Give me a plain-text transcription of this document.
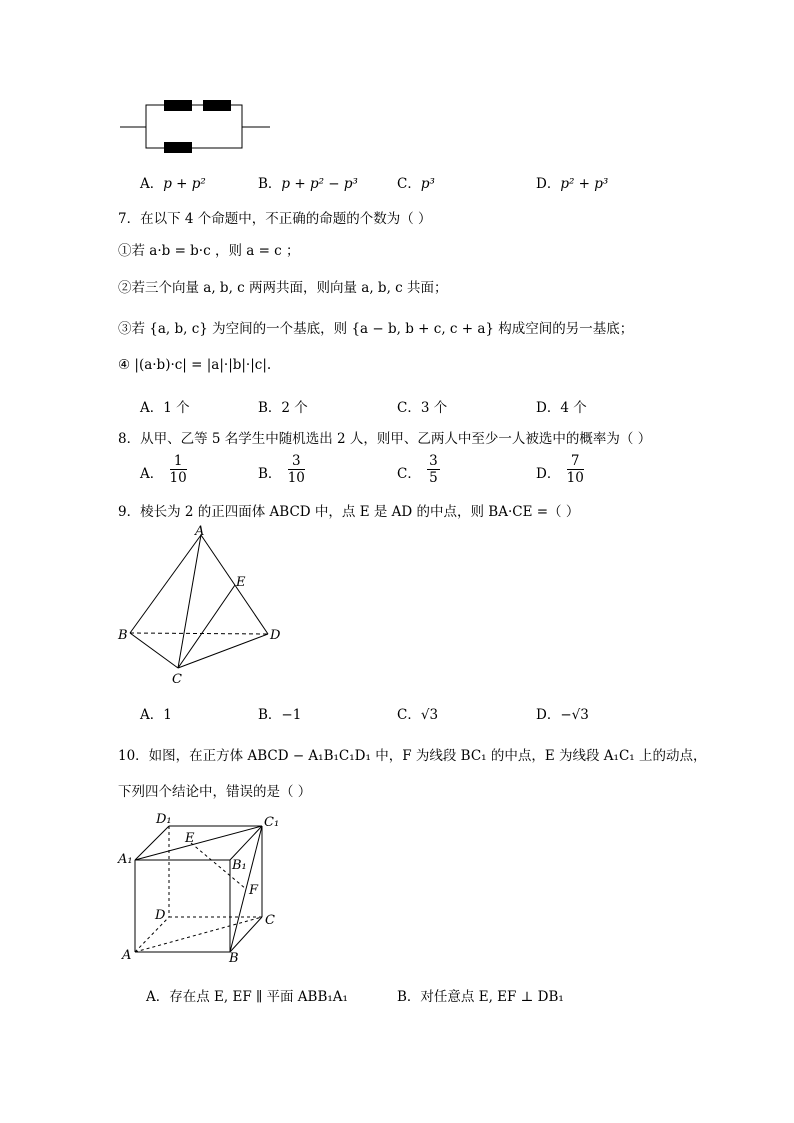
A．p + p²	B．p + p² − p³	C．p³	D．p² + p³
7．在以下 4 个命题中，不正确的命题的个数为（ ）
①若 a·b = b·c ，则 a = c ；
②若三个向量 a, b, c 两两共面，则向量 a, b, c 共面；
③若 {a, b, c} 为空间的一个基底，则 {a − b, b + c, c + a} 构成空间的另一基底；
④ |(a·b)·c| = |a|·|b|·|c|.
A．1 个	B．2 个	C．3 个	D．4 个
8．从甲、乙等 5 名学生中随机选出 2 人，则甲、乙两人中至少一人被选中的概率为（ ）
A． $\frac{1}{10}$	B． $\frac{3}{10}$	C． $\frac{3}{5}$	D． $\frac{7}{10}$
9．棱长为 2 的正四面体 ABCD 中，点 E 是 AD 的中点，则 BA·CE =（ ）
A
E
B	D
C
A．1	B．−1	C．√3	D．−√3
10．如图，在正方体 ABCD − A₁B₁C₁D₁ 中，F 为线段 BC₁ 的中点，E 为线段 A₁C₁ 上的动点，
下列四个结论中，错误的是（ ）
D₁	C₁
E
A₁	B₁
F
D	C
A	B
A．存在点 E, EF ∥ 平面 ABB₁A₁	B．对任意点 E, EF ⊥ DB₁
